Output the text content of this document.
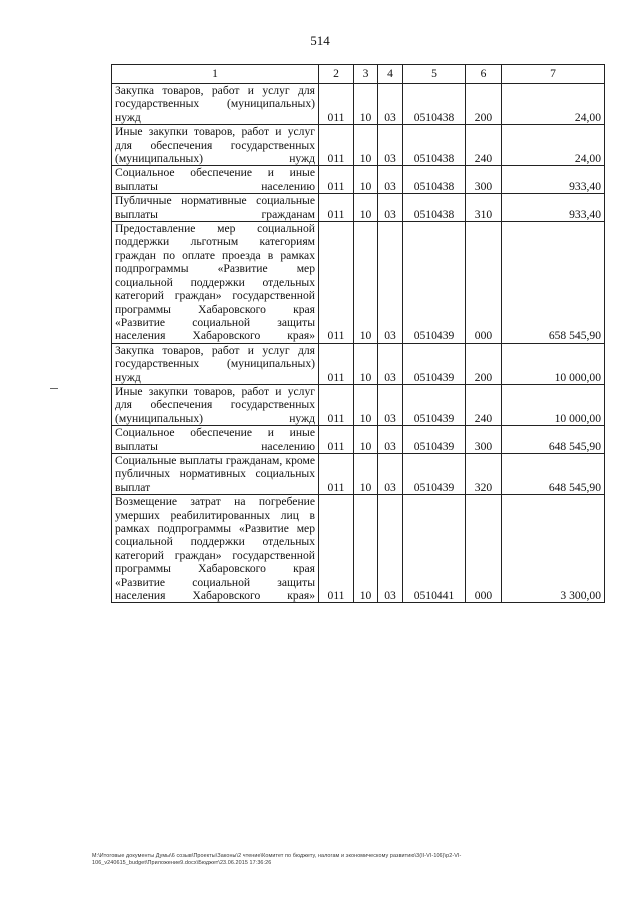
514
1	2	3	4	5	6	7
Закупка товаров, работ и услуг для государственных (муниципальных) нужд	011	10	03	0510438	200	24,00
Иные закупки товаров, работ и услуг для обеспечения государственных (муниципальных) нужд	011	10	03	0510438	240	24,00
Социальное обеспечение и иные выплаты населению	011	10	03	0510438	300	933,40
Публичные нормативные социальные выплаты гражданам	011	10	03	0510438	310	933,40
Предоставление мер социальной поддержки льготным категориям граждан по оплате проезда в рамках подпрограммы «Развитие мер социальной поддержки отдельных категорий граждан» государственной программы Хабаровского края «Развитие социальной защиты населения Хабаровского края»	011	10	03	0510439	000	658 545,90
Закупка товаров, работ и услуг для государственных (муниципальных) нужд	011	10	03	0510439	200	10 000,00
Иные закупки товаров, работ и услуг для обеспечения государственных (муниципальных) нужд	011	10	03	0510439	240	10 000,00
Социальное обеспечение и иные выплаты населению	011	10	03	0510439	300	648 545,90
Социальные выплаты гражданам, кроме публичных нормативных социальных выплат	011	10	03	0510439	320	648 545,90
Возмещение затрат на погребение умерших реабилитированных лиц в рамках подпрограммы «Развитие мер социальной поддержки отдельных категорий граждан» государственной программы Хабаровского края «Развитие социальной защиты населения Хабаровского края»	011	10	03	0510441	000	3 300,00
M:\Итоговые документы Думы\6 созыв\Проекты\Законы\2 чтение\Комитет по бюджету, налогам и экономическому развитию\3(II-VI-106)\p2-VI-
106_v240615_budget\Приложение9.docx\Бюджет\23.06.2015 17:36:26
